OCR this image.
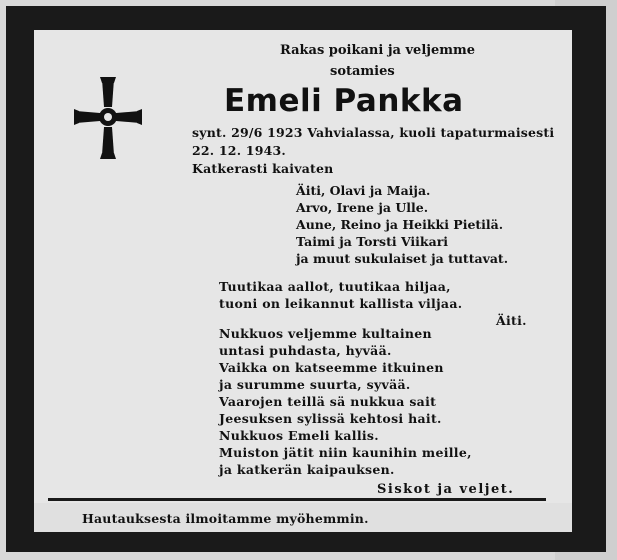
Rakas poikani ja veljemme
sotamies
Emeli Pankka
synt. 29/6 1923 Vahvialassa, kuoli tapaturmaisesti
22. 12. 1943.
Katkerasti kaivaten
Äiti, Olavi ja Maija.
Arvo, Irene ja Ulle.
Aune, Reino ja Heikki Pietilä.
Taimi ja Torsti Viikari
ja muut sukulaiset ja tuttavat.
Tuutikaa aallot, tuutikaa hiljaa,
tuoni on leikannut kallista viljaa.
Äiti.
Nukkuos veljemme kultainen
untasi puhdasta, hyvää.
Vaikka on katseemme itkuinen
ja surumme suurta, syvää.
Vaarojen teillä sä nukkua sait
Jeesuksen sylissä kehtosi hait.
Nukkuos Emeli kallis.
Muiston jätit niin kaunihin meille,
ja katkerän kaipauksen.
Siskot ja veljet.
Hautauksesta ilmoitamme myöhemmin.
